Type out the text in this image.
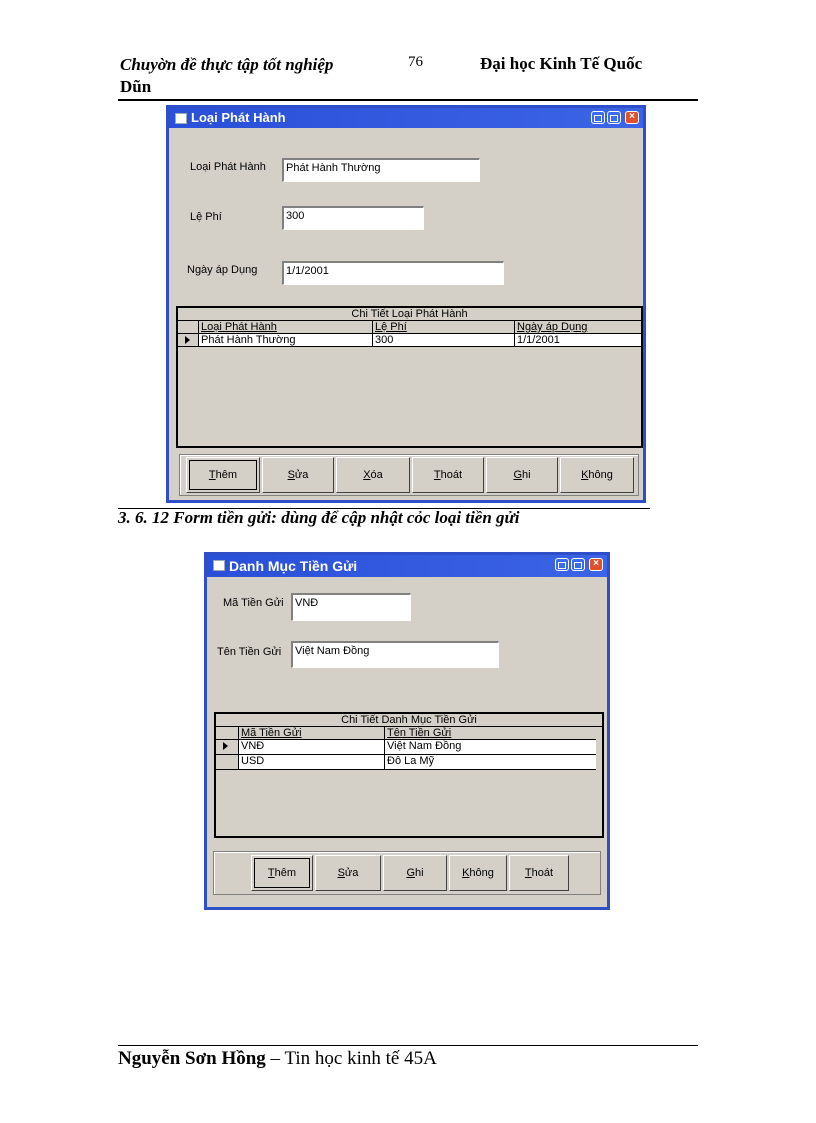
Chuyờn đề thực tập tốt nghiệp
Dũn
76	Đại học Kinh Tế Quốc
Loại Phát Hành	×
Loại Phát Hành	Phát Hành Thường
Lệ Phí	300
Ngày áp Dụng	1/1/2001
Chi Tiết Loại Phát Hành
Loại Phát Hành	Lệ Phí	Ngày áp Dụng
Phát Hành Thường	300	1/1/2001
Thêm	Sửa	Xóa	Thoát	Ghi	Không
3. 6. 12 Form tiền gửi: dùng để cập nhật cỏc loại tiền gửi
Danh Mục Tiền Gửi	×
Mã Tiền Gửi	VNĐ
Tên Tiền Gửi	Việt Nam Đồng
Chi Tiết Danh Mục Tiền Gửi
Mã Tiền Gửi	Tên Tiền Gửi
VNĐ	Việt Nam Đồng
USD	Đô La Mỹ
Thêm	Sửa	Ghi	Không	Thoát
Nguyễn Sơn Hồng – Tin học kinh tế 45A
